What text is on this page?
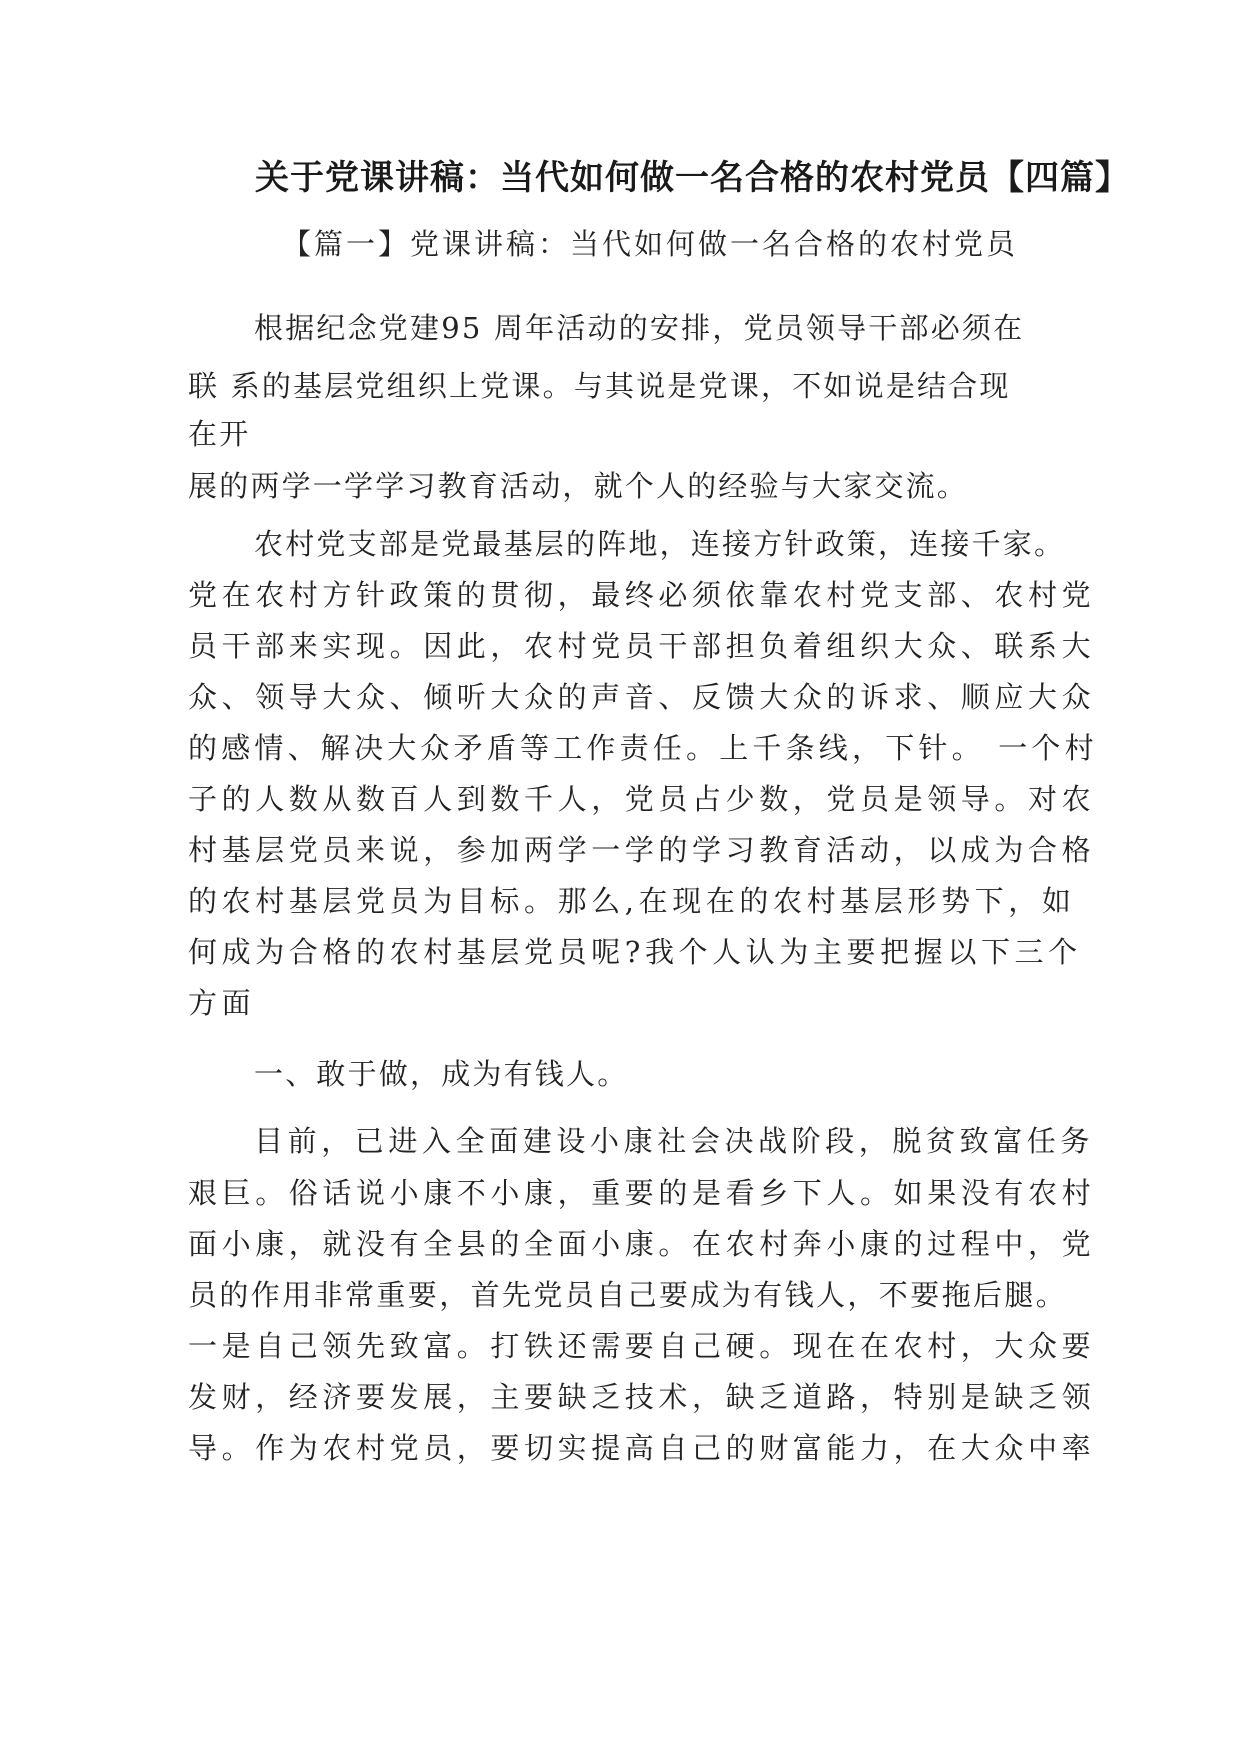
关于党课讲稿：当代如何做一名合格的农村党员【四篇】
【篇一】党课讲稿：当代如何做一名合格的农村党员
根据纪念党建95 周年活动的安排，党员领导干部必须在
联 系的基层党组织上党课。与其说是党课，不如说是结合现
在开
展的两学一学学习教育活动，就个人的经验与大家交流。
农村党支部是党最基层的阵地，连接方针政策，连接千家。
党在农村方针政策的贯彻，最终必须依靠农村党支部、农村党
员干部来实现。因此，农村党员干部担负着组织大众、联系大
众、领导大众、倾听大众的声音、反馈大众的诉求、顺应大众
的感情、解决大众矛盾等工作责任。上千条线，下针。 一个村
子的人数从数百人到数千人，党员占少数，党员是领导。对农
村基层党员来说，参加两学一学的学习教育活动，以成为合格
的农村基层党员为目标。那么,在现在的农村基层形势下，如
何成为合格的农村基层党员呢?我个人认为主要把握以下三个
方面
一、敢于做，成为有钱人。
目前，已进入全面建设小康社会决战阶段，脱贫致富任务
艰巨。俗话说小康不小康，重要的是看乡下人。如果没有农村
面小康，就没有全县的全面小康。在农村奔小康的过程中，党
员的作用非常重要，首先党员自己要成为有钱人，不要拖后腿。
一是自己领先致富。打铁还需要自己硬。现在在农村，大众要
发财，经济要发展，主要缺乏技术，缺乏道路，特别是缺乏领
导。作为农村党员，要切实提高自己的财富能力，在大众中率
